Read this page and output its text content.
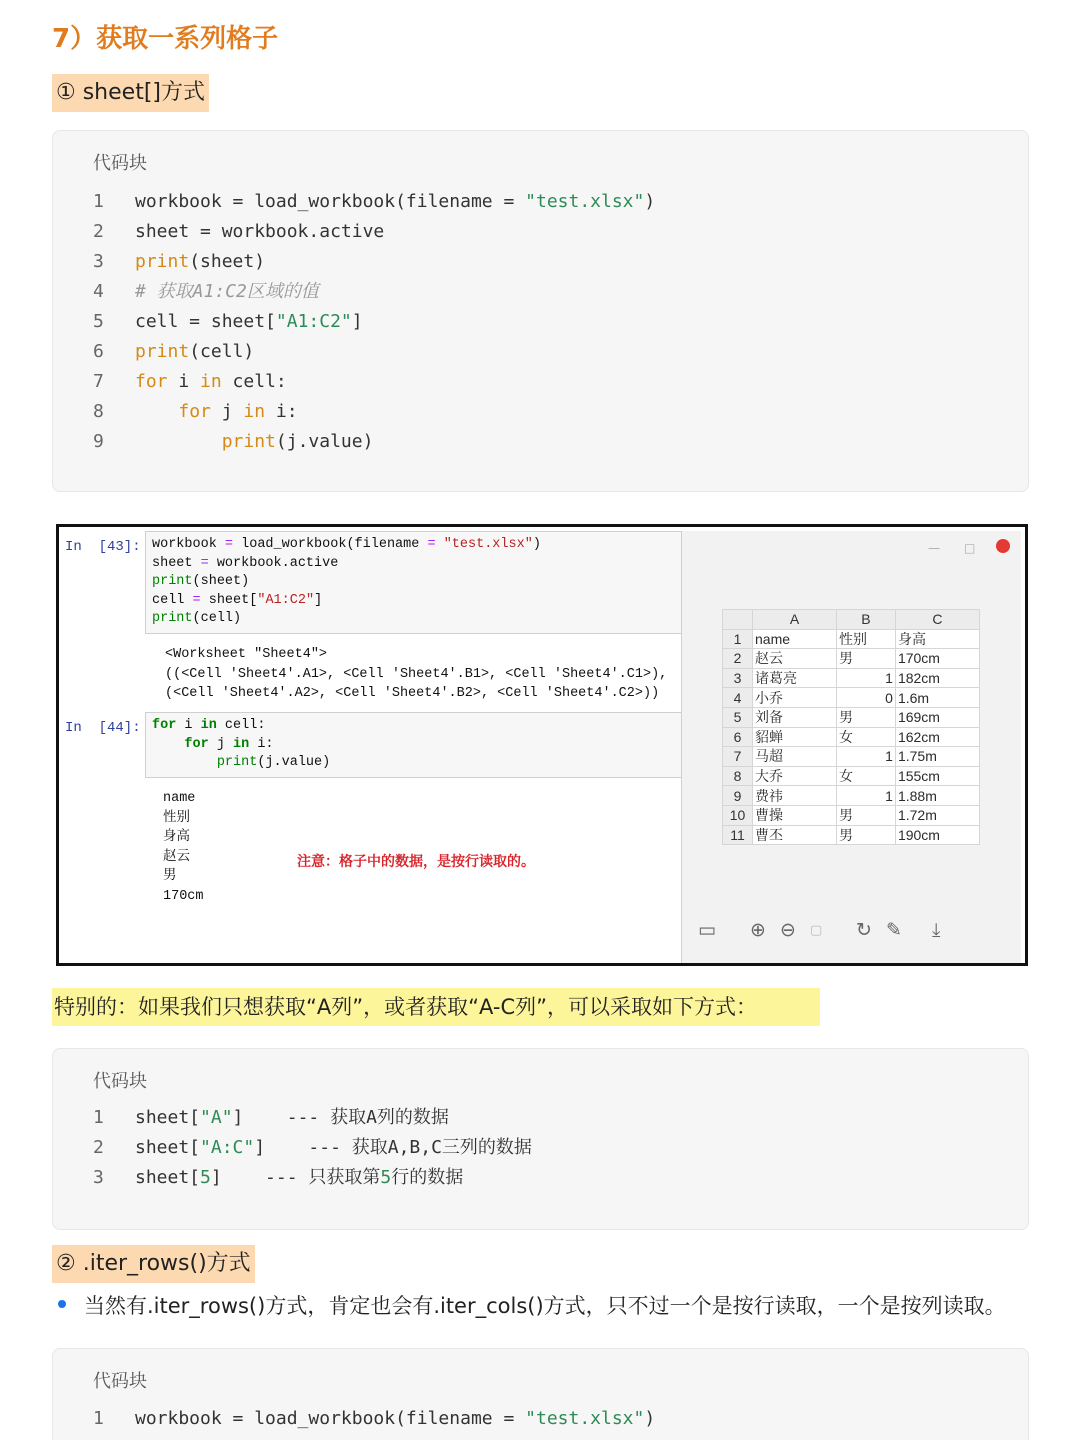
7）获取一系列格子
① sheet[]方式
代码块
1	workbook = load_workbook(filename = "test.xlsx")
2	sheet = workbook.active
3	print(sheet)
4	# 获取A1:C2区域的值
5	cell = sheet["A1:C2"]
6	print(cell)
7	for i in cell:
8	for j in i:
9	print(j.value)
In  [43]: workbook = load_workbook(filename = "test.xlsx")
sheet = workbook.active
print(sheet)
cell = sheet["A1:C2"]
print(cell)
<Worksheet "Sheet4">
((<Cell 'Sheet4'.A1>, <Cell 'Sheet4'.B1>, <Cell 'Sheet4'.C1>),
(<Cell 'Sheet4'.A2>, <Cell 'Sheet4'.B2>, <Cell 'Sheet4'.C2>))
In  [44]: for i in cell:
for j in i:
print(j.value)
name
性别
身高
赵云
男
170cm
注意：格子中的数据，是按行读取的。
— □
	A	B	C
1	name	性别	身高
2	赵云	男	170cm
3	诸葛亮	1	182cm
4	小乔	0	1.6m
5	刘备	男	169cm
6	貂蝉	女	162cm
7	马超	1	1.75m
8	大乔	女	155cm
9	费祎	1	1.88m
10	曹操	男	1.72m
11	曹丕	男	190cm
▭ ⊕ ⊖ ▢ ↻ ✎ ⤓
特别的：如果我们只想获取“A列”，或者获取“A-C列”，可以采取如下方式：
代码块
1	sheet["A"]    --- 获取A列的数据
2	sheet["A:C"]    --- 获取A,B,C三列的数据
3	sheet[5]    --- 只获取第5行的数据
② .iter_rows()方式
当然有.iter_rows()方式，肯定也会有.iter_cols()方式，只不过一个是按行读取，一个是按列读取。
代码块
1	workbook = load_workbook(filename = "test.xlsx")
